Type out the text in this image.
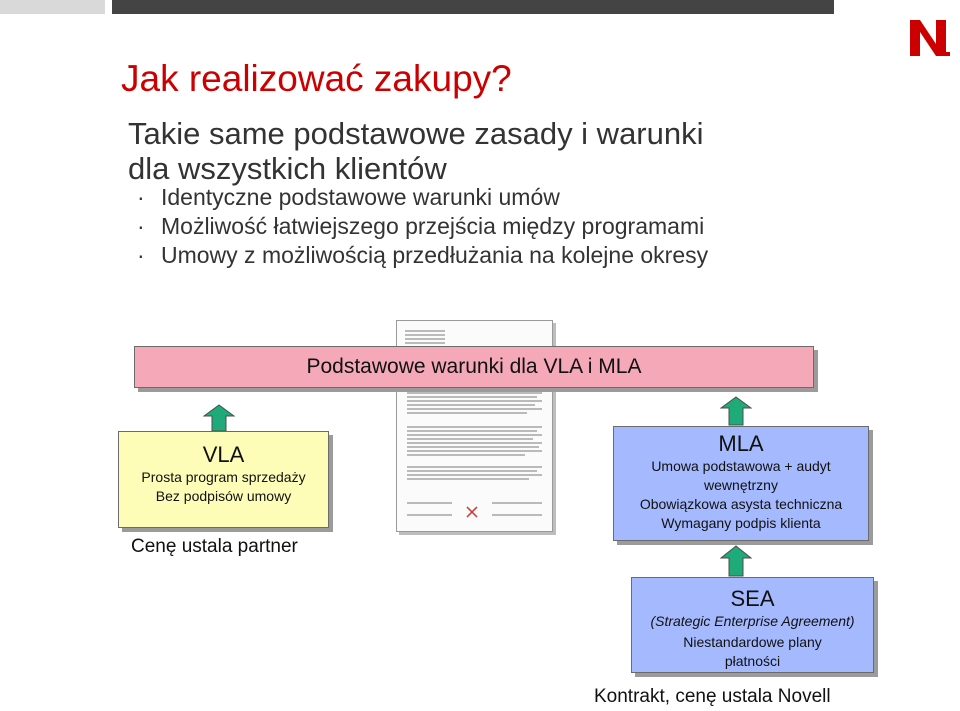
Jak realizować zakupy?
Takie same podstawowe zasady i warunki
dla wszystkich klientów
· Identyczne podstawowe warunki umów
· Możliwość łatwiejszego przejścia między programami
· Umowy z możliwością przedłużania na kolejne okresy
Podstawowe warunki dla VLA i MLA
VLA
Prosta program sprzedaży
Bez podpisów umowy
Cenę ustala partner
MLA
Umowa podstawowa + audyt
wewnętrzny
Obowiązkowa asysta techniczna
Wymagany podpis klienta
SEA
(Strategic Enterprise Agreement)
Niestandardowe plany
płatności
Kontrakt, cenę ustala Novell
